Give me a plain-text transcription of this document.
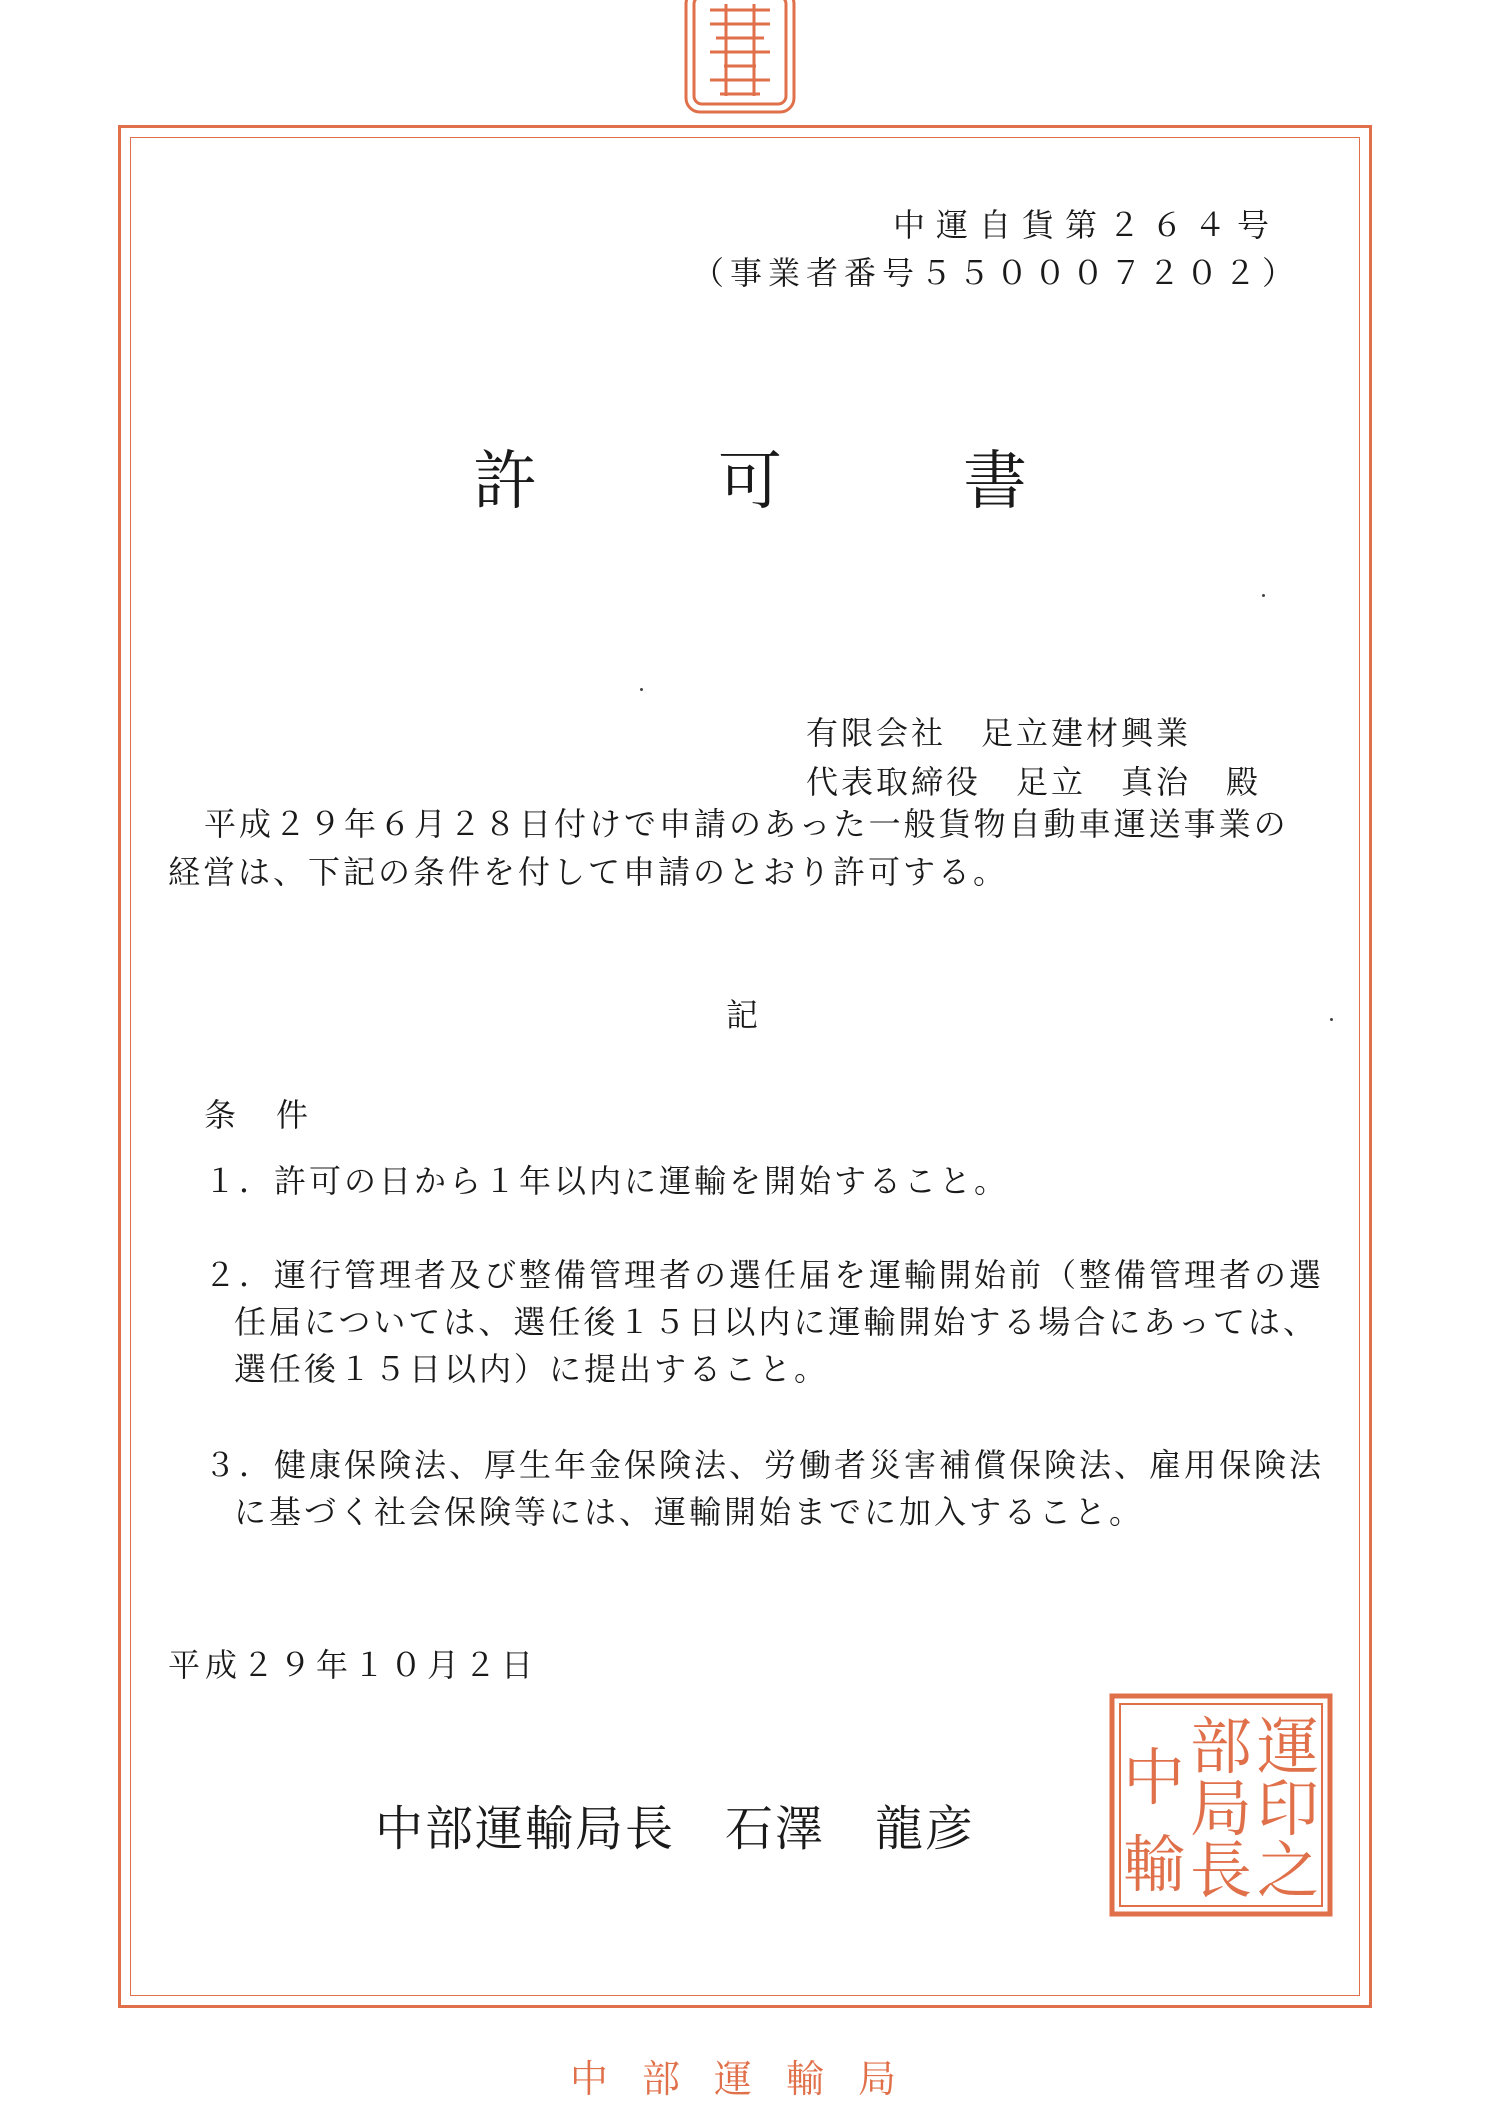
中運自貨第２６４号
（事業者番号５５０００７２０２）
許	可	書
有限会社　足立建材興業
代表取締役　足立　真治　殿
平成２９年６月２８日付けで申請のあった一般貨物自動車運送事業の経営は、下記の条件を付して申請のとおり許可する。
記
条件
１．許可の日から１年以内に運輸を開始すること。
２．運行管理者及び整備管理者の選任届を運輸開始前（整備管理者の選任届については、選任後１５日以内に運輸開始する場合にあっては、選任後１５日以内）に提出すること。
３．健康保険法、厚生年金保険法、労働者災害補償保険法、雇用保険法に基づく社会保険等には、運輸開始までに加入すること。
平成２９年１０月２日
中部運輸局長　石澤　龍彦
運
印
之
部
局
長
中
輸
中部運輸局
